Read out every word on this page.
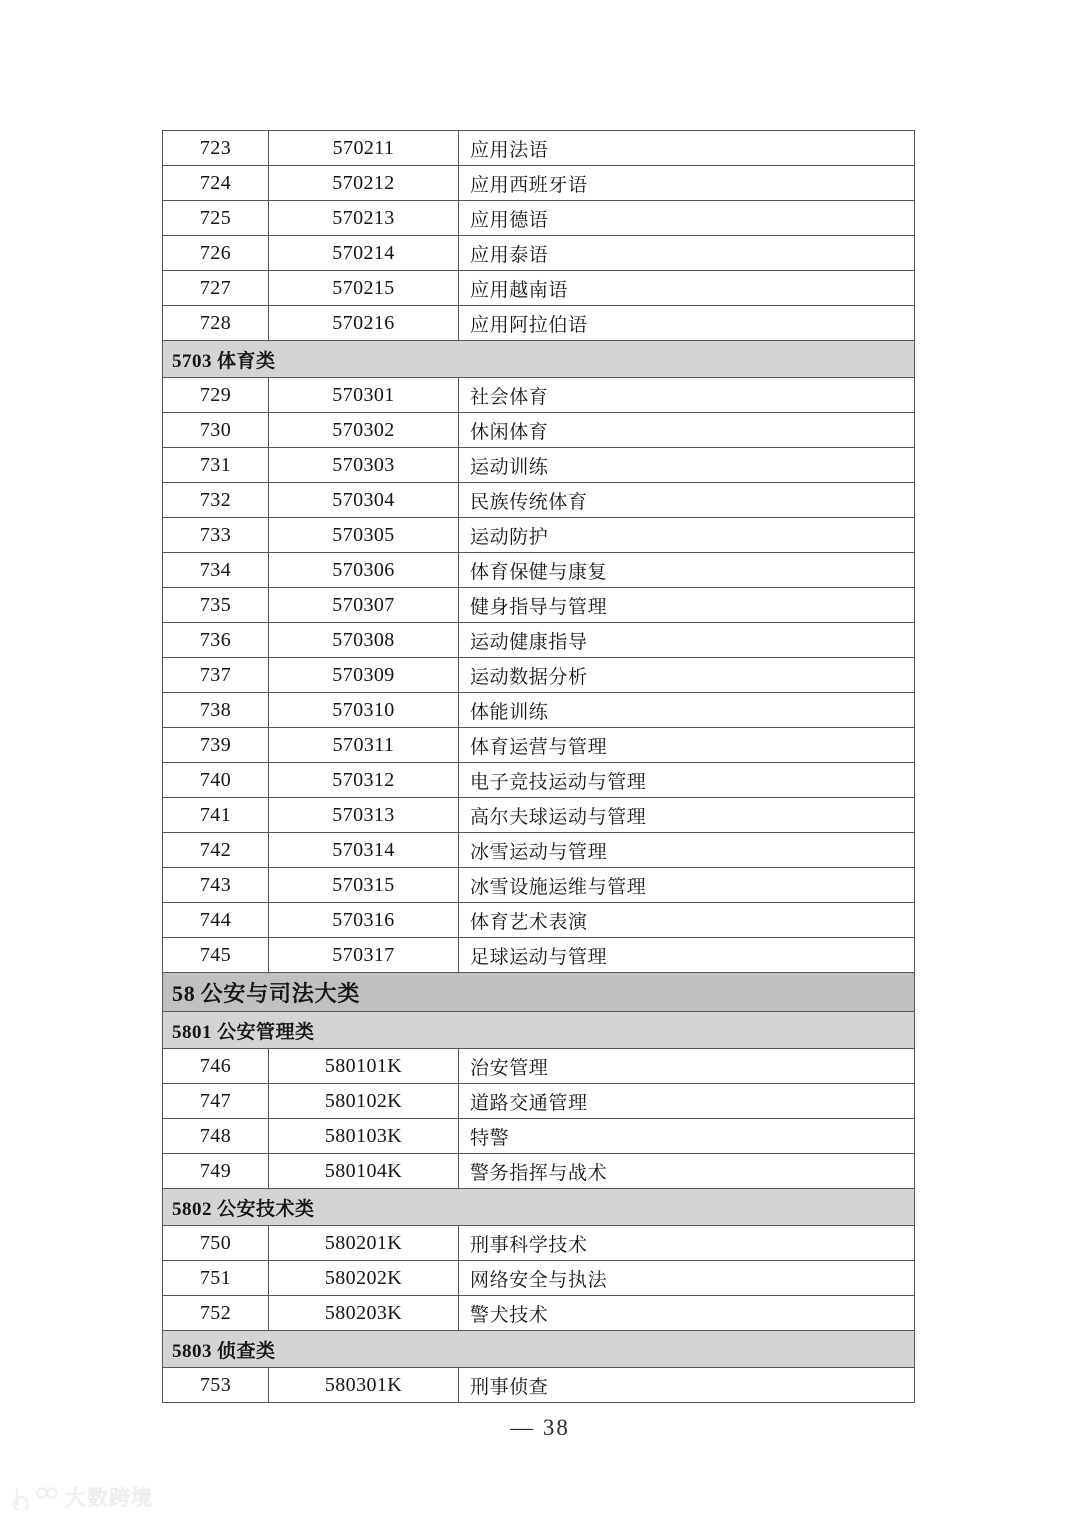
723	570211	应用法语
724	570212	应用西班牙语
725	570213	应用德语
726	570214	应用泰语
727	570215	应用越南语
728	570216	应用阿拉伯语
5703 体育类		
729	570301	社会体育
730	570302	休闲体育
731	570303	运动训练
732	570304	民族传统体育
733	570305	运动防护
734	570306	体育保健与康复
735	570307	健身指导与管理
736	570308	运动健康指导
737	570309	运动数据分析
738	570310	体能训练
739	570311	体育运营与管理
740	570312	电子竞技运动与管理
741	570313	高尔夫球运动与管理
742	570314	冰雪运动与管理
743	570315	冰雪设施运维与管理
744	570316	体育艺术表演
745	570317	足球运动与管理
58 公安与司法大类		
5801 公安管理类		
746	580101K	治安管理
747	580102K	道路交通管理
748	580103K	特警
749	580104K	警务指挥与战术
5802 公安技术类		
750	580201K	刑事科学技术
751	580202K	网络安全与执法
752	580203K	警犬技术
5803 侦查类		
753	580301K	刑事侦查
— 38
大数跨境
